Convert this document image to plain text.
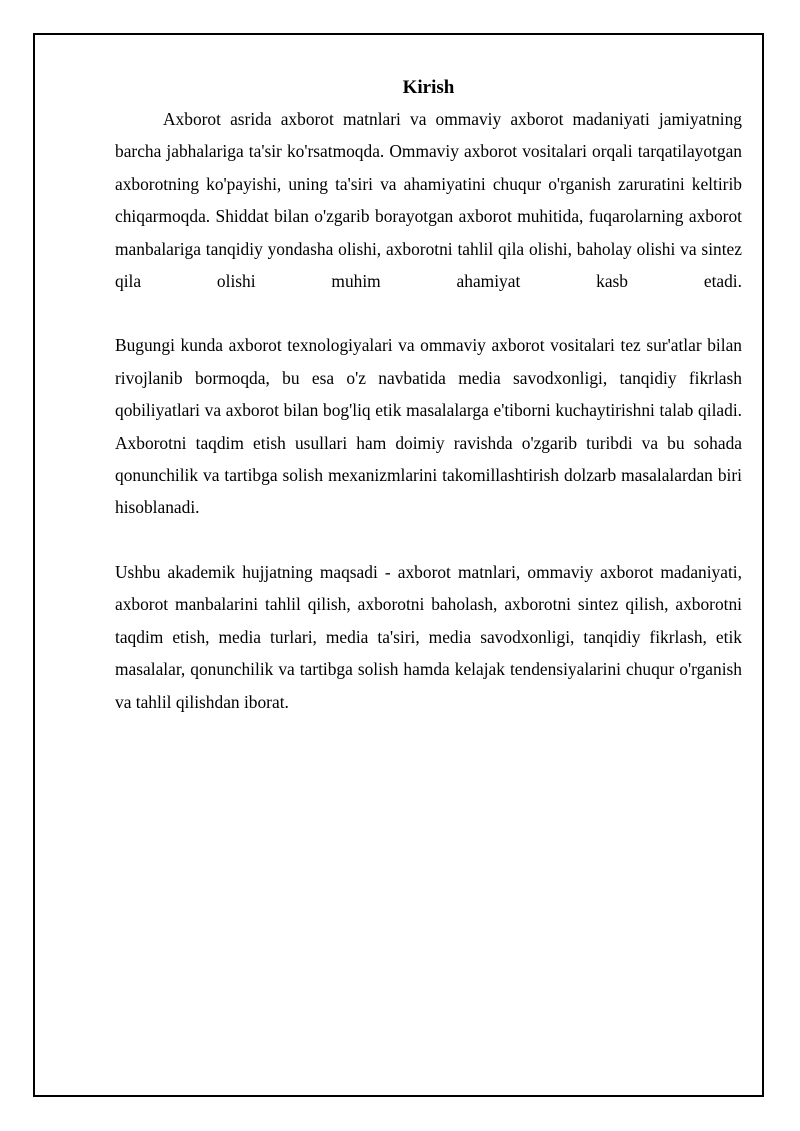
Kirish

Axborot asrida axborot matnlari va ommaviy axborot madaniyati jamiyatning barcha jabhalariga ta'sir ko'rsatmoqda. Ommaviy axborot vositalari orqali tarqatilayotgan axborotning ko'payishi, uning ta'siri va ahamiyatini chuqur o'rganish zaruratini keltirib chiqarmoqda. Shiddat bilan o'zgarib borayotgan axborot muhitida, fuqarolarning axborot manbalariga tanqidiy yondasha olishi, axborotni tahlil qila olishi, baholay olishi va sintez qila olishi muhim ahamiyat kasb etadi.

Bugungi kunda axborot texnologiyalari va ommaviy axborot vositalari tez sur'atlar bilan rivojlanib bormoqda, bu esa o'z navbatida media savodxonligi, tanqidiy fikrlash qobiliyatlari va axborot bilan bog'liq etik masalalarga e'tiborni kuchaytirishni talab qiladi. Axborotni taqdim etish usullari ham doimiy ravishda o'zgarib turibdi va bu sohada qonunchilik va tartibga solish mexanizmlarini takomillashtirish dolzarb masalalardan biri hisoblanadi.

Ushbu akademik hujjatning maqsadi - axborot matnlari, ommaviy axborot madaniyati, axborot manbalarini tahlil qilish, axborotni baholash, axborotni sintez qilish, axborotni taqdim etish, media turlari, media ta'siri, media savodxonligi, tanqidiy fikrlash, etik masalalar, qonunchilik va tartibga solish hamda kelajak tendensiyalarini chuqur o'rganish va tahlil qilishdan iborat.
